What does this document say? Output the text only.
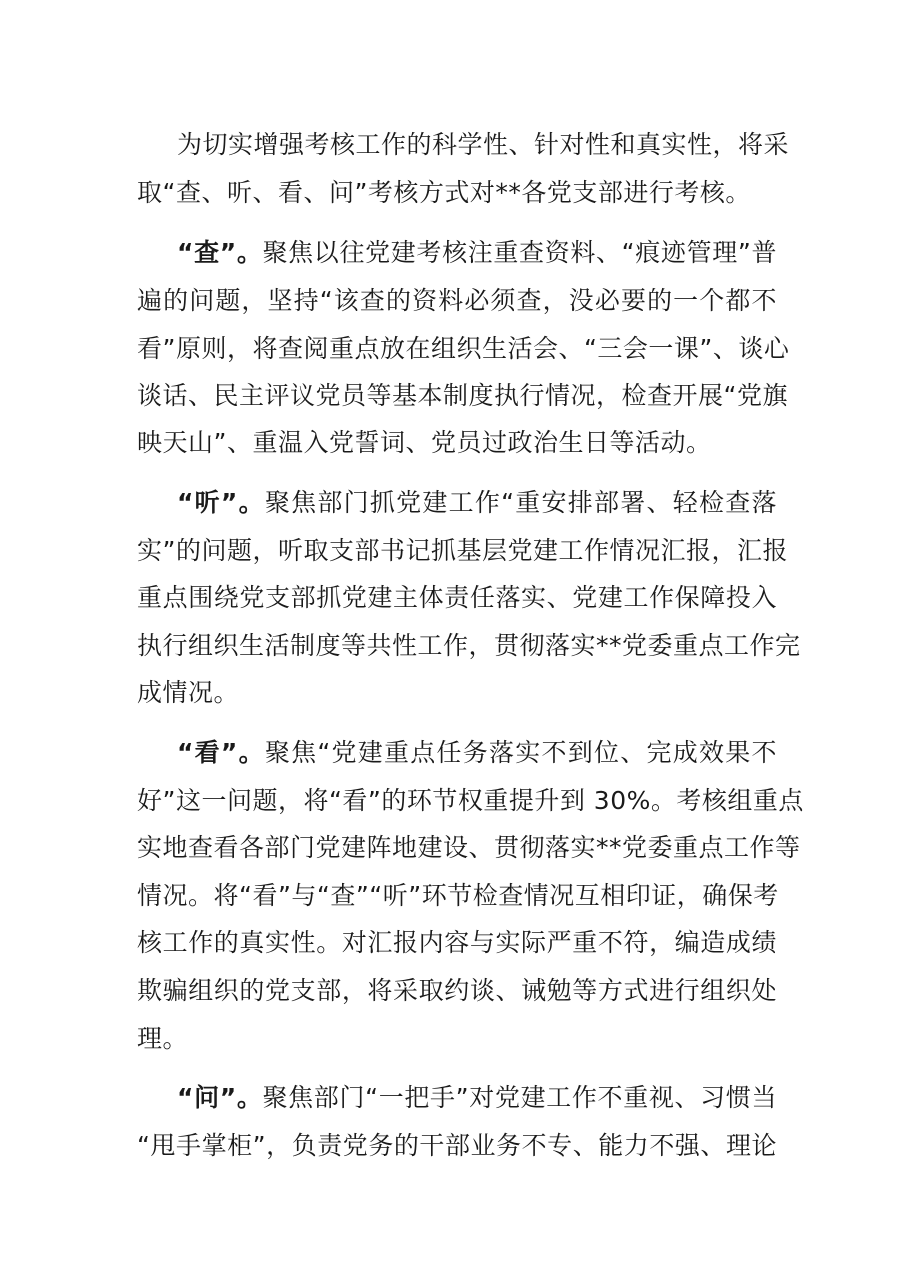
为切实增强考核工作的科学性、针对性和真实性，将采

取“查、听、看、问”考核方式对**各党支部进行考核。

“查”。聚焦以往党建考核注重查资料、“痕迹管理”普

遍的问题，坚持“该查的资料必须查，没必要的一个都不

看”原则，将查阅重点放在组织生活会、“三会一课”、谈心

谈话、民主评议党员等基本制度执行情况，检查开展“党旗

映天山”、重温入党誓词、党员过政治生日等活动。

“听”。聚焦部门抓党建工作“重安排部署、轻检查落

实”的问题，听取支部书记抓基层党建工作情况汇报，汇报

重点围绕党支部抓党建主体责任落实、党建工作保障投入

执行组织生活制度等共性工作，贯彻落实**党委重点工作完

成情况。

“看”。聚焦“党建重点任务落实不到位、完成效果不

好”这一问题，将“看”的环节权重提升到 30%。考核组重点

实地查看各部门党建阵地建设、贯彻落实**党委重点工作等

情况。将“看”与“查”“听”环节检查情况互相印证，确保考

核工作的真实性。对汇报内容与实际严重不符，编造成绩

欺骗组织的党支部，将采取约谈、诫勉等方式进行组织处

理。

“问”。聚焦部门“一把手”对党建工作不重视、习惯当

“甩手掌柜”，负责党务的干部业务不专、能力不强、理论
